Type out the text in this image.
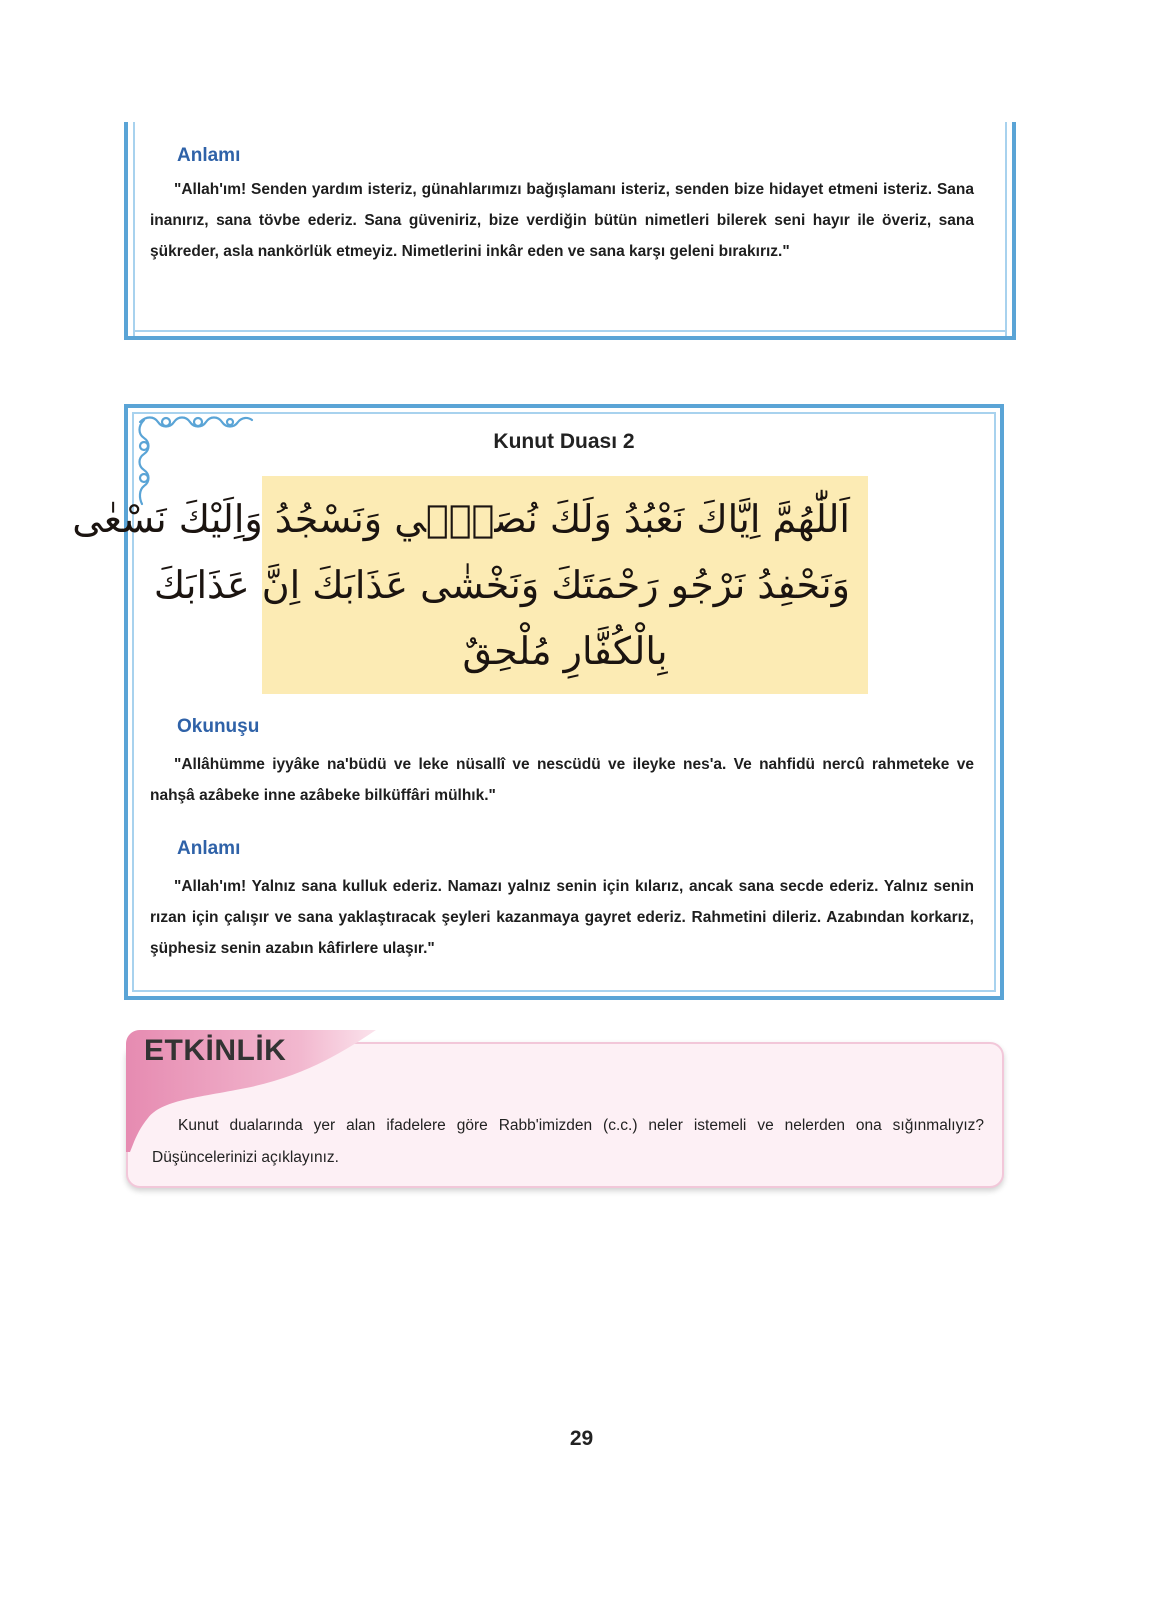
Anlamı

"Allah'ım! Senden yardım isteriz, günahlarımızı bağışlamanı isteriz, senden bize hidayet etmeni isteriz. Sana inanırız, sana tövbe ederiz. Sana güveniriz, bize verdiğin bütün nimetleri bilerek seni hayır ile överiz, sana şükreder, asla nankörlük etmeyiz. Nimetlerini inkâr eden ve sana karşı geleni bırakırız."

Kunut Duası 2

اَللّٰهُمَّ اِيَّاكَ نَعْبُدُ وَلَكَ نُصَلّ۪ي وَنَسْجُدُ وَاِلَيْكَ نَسْعٰى

وَنَحْفِدُ نَرْجُو رَحْمَتَكَ وَنَخْشٰى عَذَابَكَ اِنَّ عَذَابَكَ

بِالْكُفَّارِ مُلْحِقٌ

Okunuşu

"Allâhümme iyyâke na'büdü ve leke nüsallî ve nescüdü ve ileyke nes'a. Ve nahfidü nercû rahmeteke ve nahşâ azâbeke inne azâbeke bilküffâri mülhık."

Anlamı

"Allah'ım! Yalnız sana kulluk ederiz. Namazı yalnız senin için kılarız, ancak sana secde ederiz. Yalnız senin rızan için çalışır ve sana yaklaştıracak şeyleri kazanmaya gayret ederiz. Rahmetini dileriz. Azabından korkarız, şüphesiz senin azabın kâfirlere ulaşır."

ETKİNLİK

Kunut dualarında yer alan ifadelere göre Rabb'imizden (c.c.) neler istemeli ve nelerden ona sığınmalıyız? Düşüncelerinizi açıklayınız.

29
